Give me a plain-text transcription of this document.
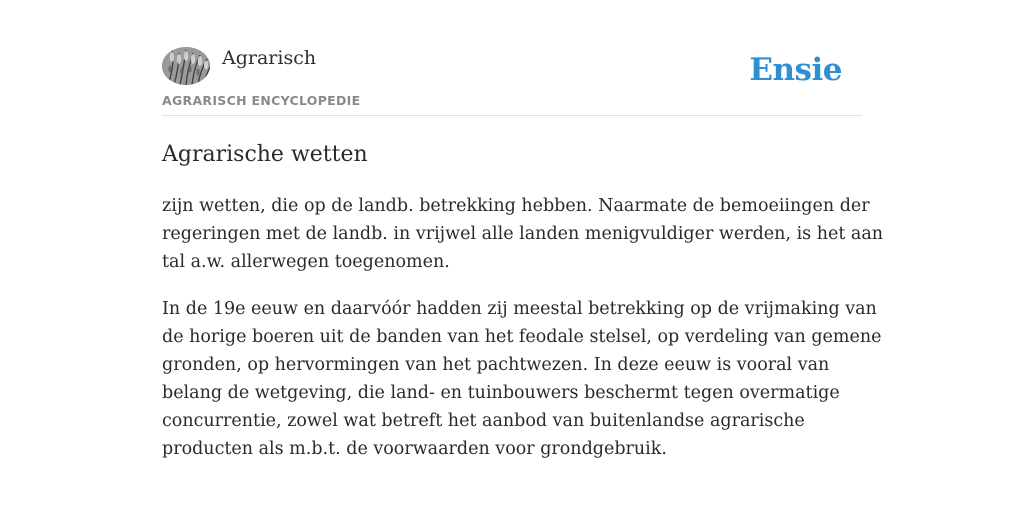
Agrarisch
AGRARISCH ENCYCLOPEDIE
Ensie
Agrarische wetten

zijn wetten, die op de landb. betrekking hebben. Naarmate de bemoeiingen der
regeringen met de landb. in vrijwel alle landen menigvuldiger werden, is het aan
tal a.w. allerwegen toegenomen.

In de 19e eeuw en daarvóór hadden zij meestal betrekking op de vrijmaking van
de horige boeren uit de banden van het feodale stelsel, op verdeling van gemene
gronden, op hervormingen van het pachtwezen. In deze eeuw is vooral van
belang de wetgeving, die land- en tuinbouwers beschermt tegen overmatige
concurrentie, zowel wat betreft het aanbod van buitenlandse agrarische
producten als m.b.t. de voorwaarden voor grondgebruik.
